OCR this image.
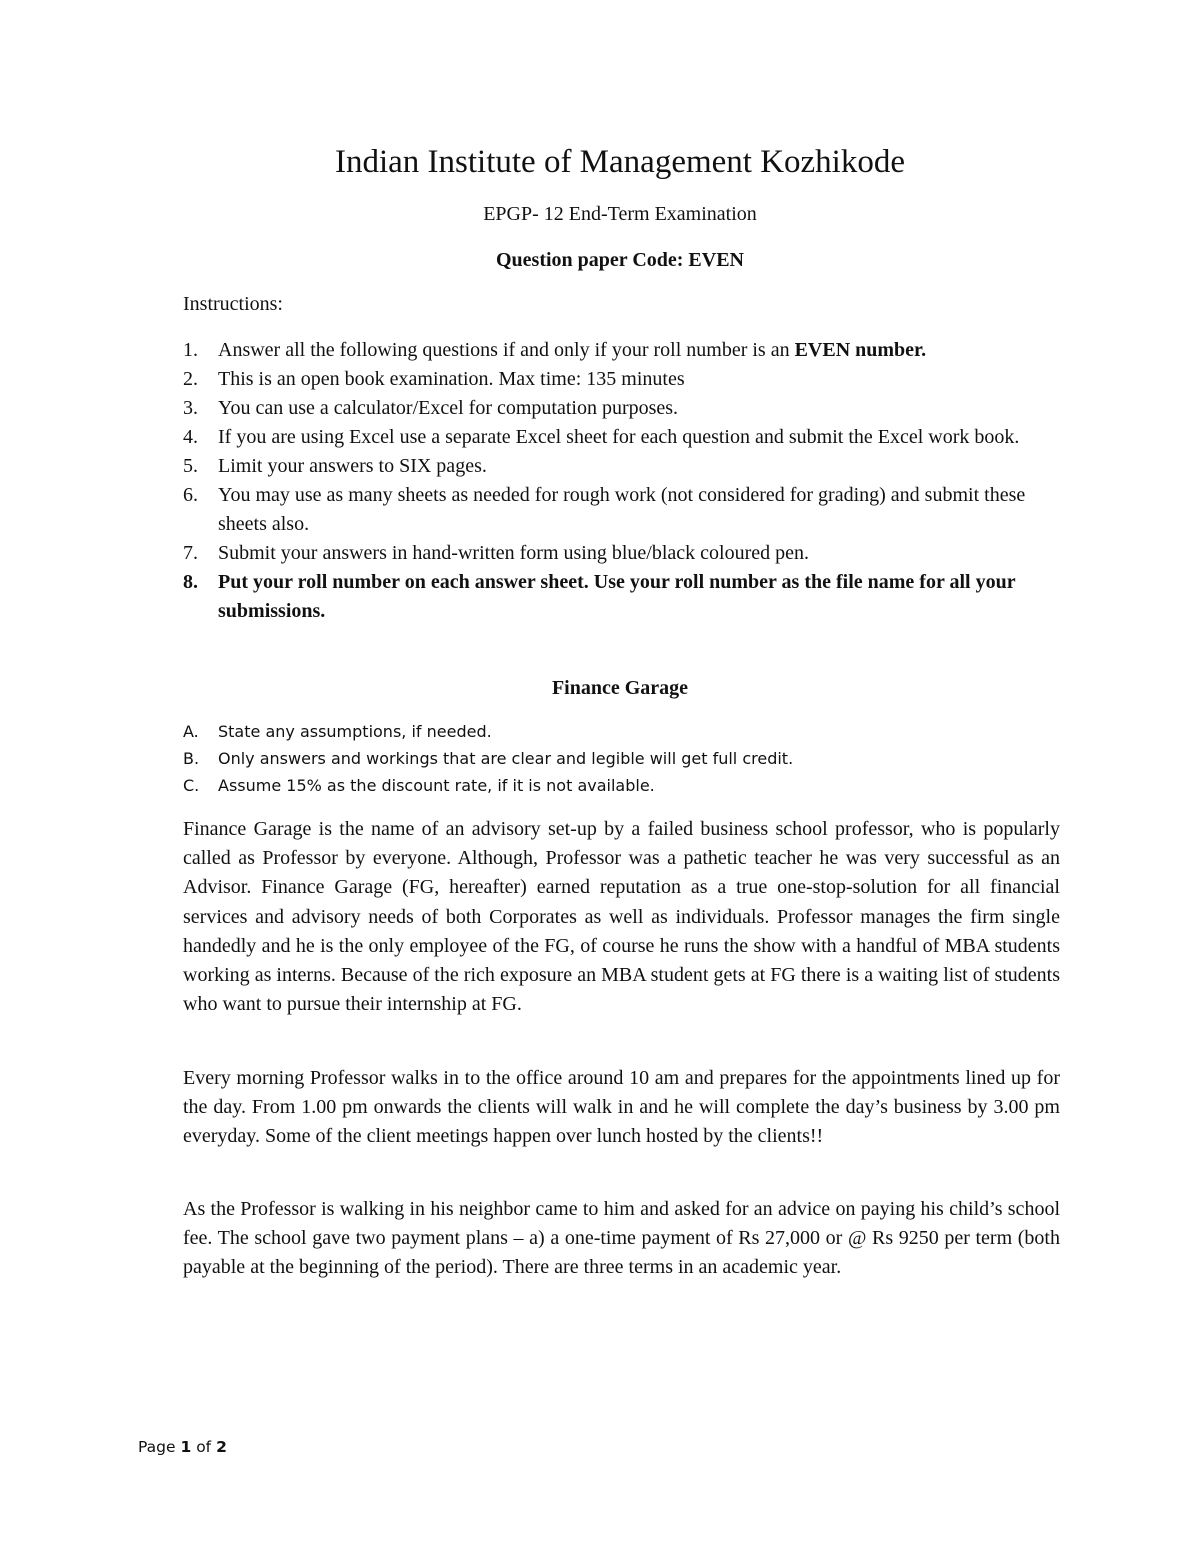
Indian Institute of Management Kozhikode

EPGP- 12 End-Term Examination

Question paper Code: EVEN

Instructions:

1. Answer all the following questions if and only if your roll number is an EVEN number.
2. This is an open book examination. Max time: 135 minutes
3. You can use a calculator/Excel for computation purposes.
4. If you are using Excel use a separate Excel sheet for each question and submit the Excel work book.
5. Limit your answers to SIX pages.
6. You may use as many sheets as needed for rough work (not considered for grading) and submit these sheets also.
7. Submit your answers in hand-written form using blue/black coloured pen.
8. Put your roll number on each answer sheet. Use your roll number as the file name for all your submissions.
Finance Garage
A. State any assumptions, if needed.
B. Only answers and workings that are clear and legible will get full credit.
C. Assume 15% as the discount rate, if it is not available.

Finance Garage is the name of an advisory set-up by a failed business school professor, who is popularly called as Professor by everyone. Although, Professor was a pathetic teacher he was very successful as an Advisor. Finance Garage (FG, hereafter) earned reputation as a true one-stop-solution for all financial services and advisory needs of both Corporates as well as individuals. Professor manages the firm single handedly and he is the only employee of the FG, of course he runs the show with a handful of MBA students working as interns. Because of the rich exposure an MBA student gets at FG there is a waiting list of students who want to pursue their internship at FG.

Every morning Professor walks in to the office around 10 am and prepares for the appointments lined up for the day. From 1.00 pm onwards the clients will walk in and he will complete the day’s business by 3.00 pm everyday. Some of the client meetings happen over lunch hosted by the clients!!

As the Professor is walking in his neighbor came to him and asked for an advice on paying his child’s school fee. The school gave two payment plans – a) a one-time payment of Rs 27,000 or @ Rs 9250 per term (both payable at the beginning of the period). There are three terms in an academic year.

Page 1 of 2
